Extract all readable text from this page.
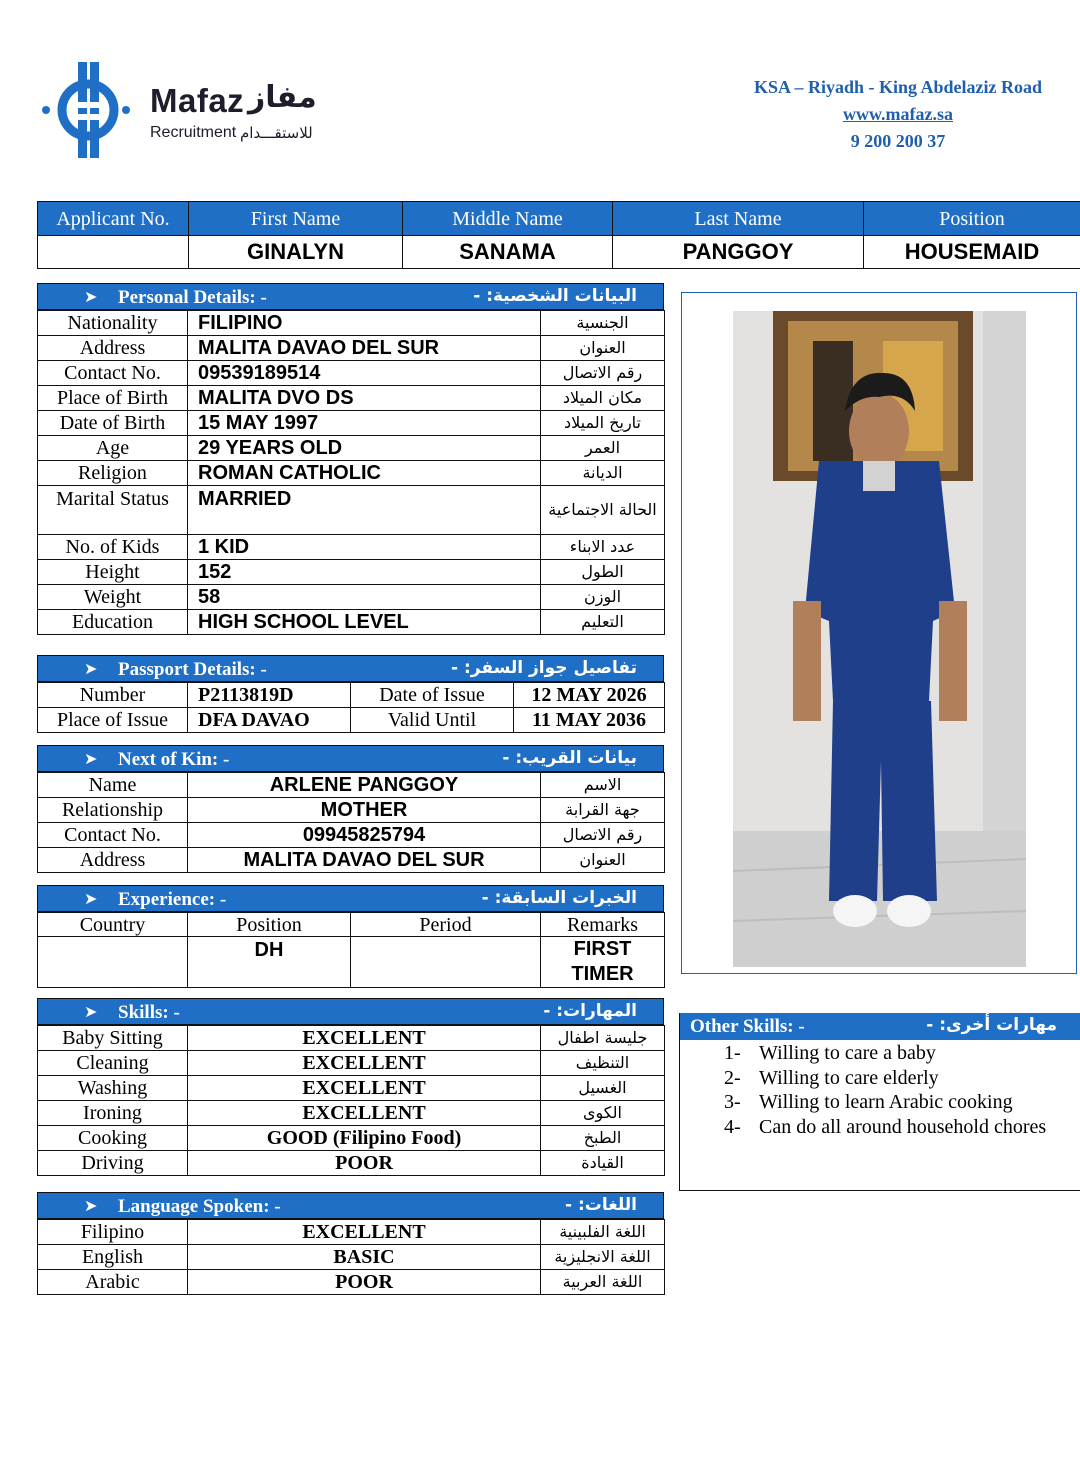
Mafaz مفاز
Recruitment للاستقـــدام
KSA – Riyadh - King Abdelaziz Road
www.mafaz.sa
9 200 200 37
Applicant No.	First Name	Middle Name	Last Name	Position
	GINALYN	SANAMA	PANGGOY	HOUSEMAID
➤ Personal Details: -	البيانات الشخصية: -
Nationality	FILIPINO	الجنسية
Address	MALITA DAVAO DEL SUR	العنوان
Contact No.	09539189514	رقم الاتصال
Place of Birth	MALITA DVO DS	مكان الميلاد
Date of Birth	15 MAY 1997	تاريخ الميلاد
Age	29 YEARS OLD	العمر
Religion	ROMAN CATHOLIC	الديانة
Marital Status	MARRIED	الحالة الاجتماعية
No. of Kids	1 KID	عدد الابناء
Height	152	الطول
Weight	58	الوزن
Education	HIGH SCHOOL LEVEL	التعليم
➤ Passport Details: -	تفاصيل جواز السفر: -
Number	P2113819D	Date of Issue	12 MAY 2026
Place of Issue	DFA DAVAO	Valid Until	11 MAY 2036
➤ Next of Kin: -	بيانات القريب: -
Name	ARLENE PANGGOY	الاسم
Relationship	MOTHER	جهة القرابة
Contact No.	09945825794	رقم الاتصال
Address	MALITA DAVAO DEL SUR	العنوان
➤ Experience: -	الخبرات السابقة: -
Country	Position	Period	Remarks
	DH		FIRST
TIMER
➤ Skills: -	المهارات: -
Baby Sitting	EXCELLENT	جليسة اطفال
Cleaning	EXCELLENT	التنظيف
Washing	EXCELLENT	الغسيل
Ironing	EXCELLENT	الكوى
Cooking	GOOD (Filipino Food)	الطبخ
Driving	POOR	القيادة
➤ Language Spoken: -	اللغات: -
Filipino	EXCELLENT	اللغة الفلبينية
English	BASIC	اللغة الانجليزية
Arabic	POOR	اللغة العربية
Other Skills: -	مهارات أخرى: -
1- Willing to care a baby
2- Willing to care elderly
3- Willing to learn Arabic cooking
4- Can do all around household chores
